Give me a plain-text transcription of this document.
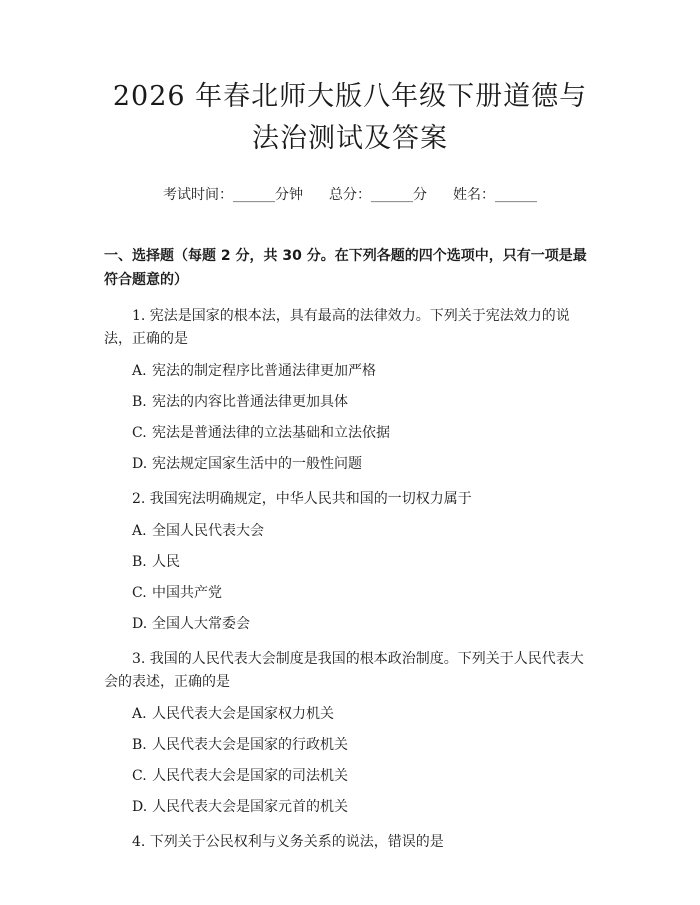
2026 年春北师大版八年级下册道德与法治测试及答案
考试时间：______分钟 总分：______分 姓名：______
一、选择题（每题 2 分，共 30 分。在下列各题的四个选项中，只有一项是最符合题意的）
1. 宪法是国家的根本法，具有最高的法律效力。下列关于宪法效力的说法，正确的是
A. 宪法的制定程序比普通法律更加严格
B. 宪法的内容比普通法律更加具体
C. 宪法是普通法律的立法基础和立法依据
D. 宪法规定国家生活中的一般性问题
2. 我国宪法明确规定，中华人民共和国的一切权力属于
A. 全国人民代表大会
B. 人民
C. 中国共产党
D. 全国人大常委会
3. 我国的人民代表大会制度是我国的根本政治制度。下列关于人民代表大会的表述，正确的是
A. 人民代表大会是国家权力机关
B. 人民代表大会是国家的行政机关
C. 人民代表大会是国家的司法机关
D. 人民代表大会是国家元首的机关
4. 下列关于公民权利与义务关系的说法，错误的是
